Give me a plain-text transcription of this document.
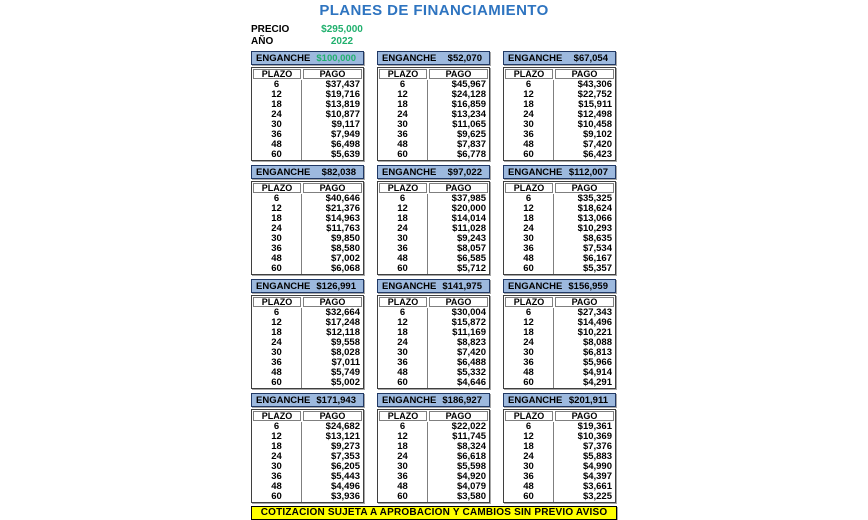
PLANES DE FINANCIAMIENTO
PRECIO	$295,000
AÑO	2022
ENGANCHE $100,000
PLAZO	PAGO
6	$37,437
12	$19,716
18	$13,819
24	$10,877
30	$9,117
36	$7,949
48	$6,498
60	$5,639
ENGANCHE $52,070
PLAZO	PAGO
6	$45,967
12	$24,128
18	$16,859
24	$13,234
30	$11,065
36	$9,625
48	$7,837
60	$6,778
ENGANCHE $67,054
PLAZO	PAGO
6	$43,306
12	$22,752
18	$15,911
24	$12,498
30	$10,458
36	$9,102
48	$7,420
60	$6,423
ENGANCHE $82,038
PLAZO	PAGO
6	$40,646
12	$21,376
18	$14,963
24	$11,763
30	$9,850
36	$8,580
48	$7,002
60	$6,068
ENGANCHE $97,022
PLAZO	PAGO
6	$37,985
12	$20,000
18	$14,014
24	$11,028
30	$9,243
36	$8,057
48	$6,585
60	$5,712
ENGANCHE $112,007
PLAZO	PAGO
6	$35,325
12	$18,624
18	$13,066
24	$10,293
30	$8,635
36	$7,534
48	$6,167
60	$5,357
ENGANCHE $126,991
PLAZO	PAGO
6	$32,664
12	$17,248
18	$12,118
24	$9,558
30	$8,028
36	$7,011
48	$5,749
60	$5,002
ENGANCHE $141,975
PLAZO	PAGO
6	$30,004
12	$15,872
18	$11,169
24	$8,823
30	$7,420
36	$6,488
48	$5,332
60	$4,646
ENGANCHE $156,959
PLAZO	PAGO
6	$27,343
12	$14,496
18	$10,221
24	$8,088
30	$6,813
36	$5,966
48	$4,914
60	$4,291
ENGANCHE $171,943
PLAZO	PAGO
6	$24,682
12	$13,121
18	$9,273
24	$7,353
30	$6,205
36	$5,443
48	$4,496
60	$3,936
ENGANCHE $186,927
PLAZO	PAGO
6	$22,022
12	$11,745
18	$8,324
24	$6,618
30	$5,598
36	$4,920
48	$4,079
60	$3,580
ENGANCHE $201,911
PLAZO	PAGO
6	$19,361
12	$10,369
18	$7,376
24	$5,883
30	$4,990
36	$4,397
48	$3,661
60	$3,225
COTIZACION SUJETA A APROBACION Y CAMBIOS SIN PREVIO AVISO
